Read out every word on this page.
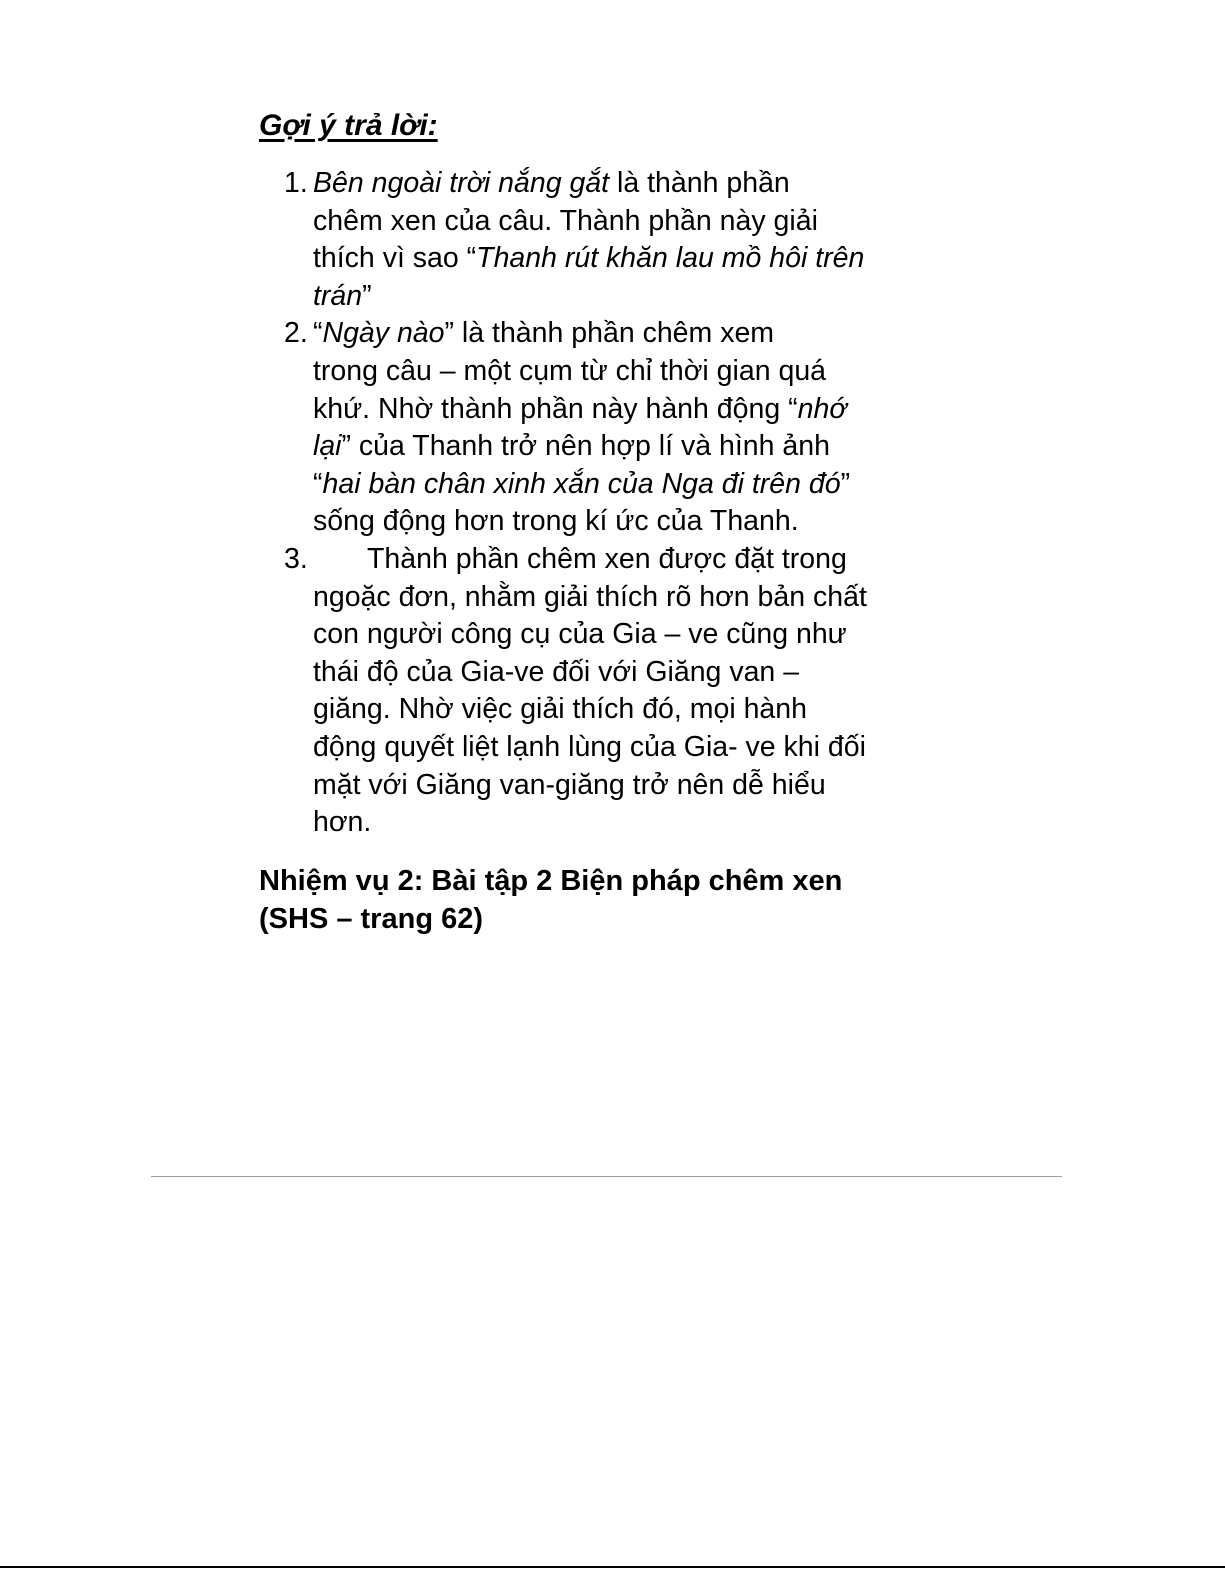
Gợi ý trả lời:
1. Bên ngoài trời nắng gắt là thành phần
chêm xen của câu. Thành phần này giải
thích vì sao “Thanh rút khăn lau mồ hôi trên
trán”
2. “Ngày nào” là thành phần chêm xem
trong câu – một cụm từ chỉ thời gian quá
khứ. Nhờ thành phần này hành động “nhớ
lại” của Thanh trở nên hợp lí và hình ảnh
“hai bàn chân xinh xắn của Nga đi trên đó”
sống động hơn trong kí ức của Thanh.
3.	Thành phần chêm xen được đặt trong
ngoặc đơn, nhằm giải thích rõ hơn bản chất
con người công cụ của Gia – ve cũng như
thái độ của Gia-ve đối với Giăng van –
giăng. Nhờ việc giải thích đó, mọi hành
động quyết liệt lạnh lùng của Gia- ve khi đối
mặt với Giăng van-giăng trở nên dễ hiểu
hơn.
Nhiệm vụ 2: Bài tập 2 Biện pháp chêm xen
(SHS – trang 62)
